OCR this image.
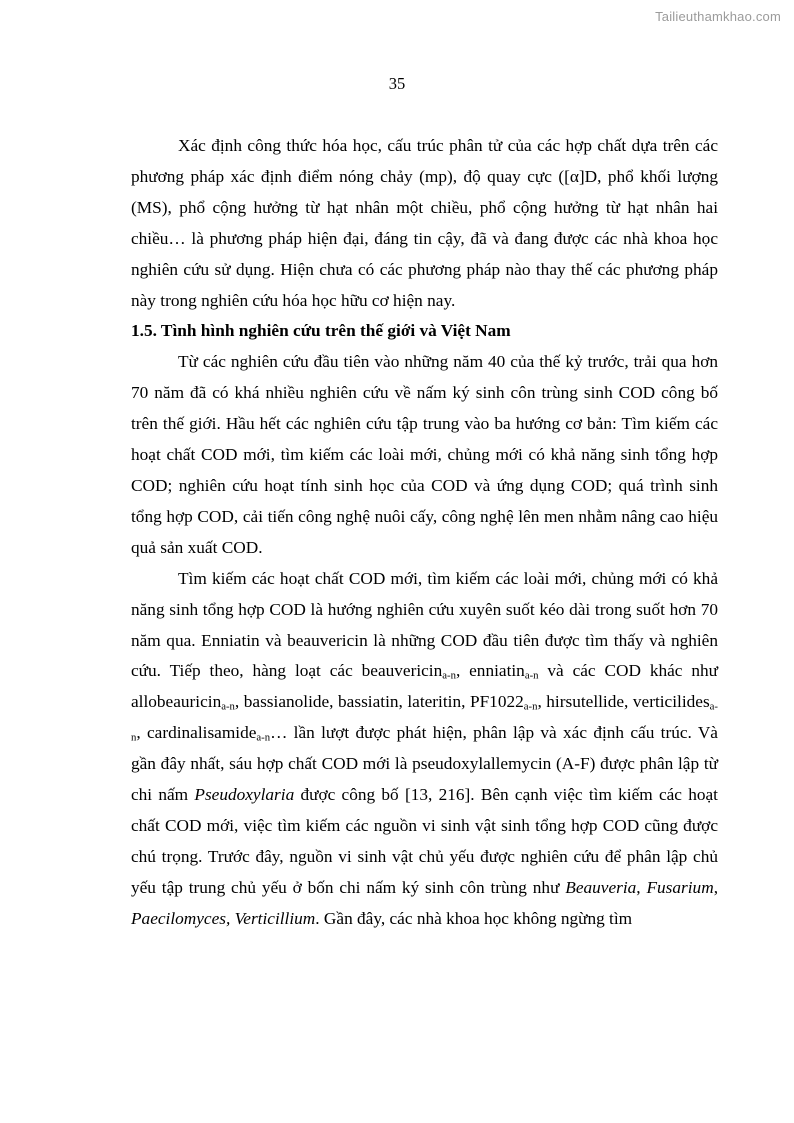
Tailieuthamkhao.com
35

Xác định công thức hóa học, cấu trúc phân tử của các hợp chất dựa trên các phương pháp xác định điểm nóng chảy (mp), độ quay cực ([α]D, phổ khối lượng (MS), phổ cộng hưởng từ hạt nhân một chiều, phổ cộng hưởng từ hạt nhân hai chiều… là phương pháp hiện đại, đáng tin cậy, đã và đang được các nhà khoa học nghiên cứu sử dụng. Hiện chưa có các phương pháp nào thay thế các phương pháp này trong nghiên cứu hóa học hữu cơ hiện nay.

1.5. Tình hình nghiên cứu trên thế giới và Việt Nam

Từ các nghiên cứu đầu tiên vào những năm 40 của thế kỷ trước, trải qua hơn 70 năm đã có khá nhiều nghiên cứu về nấm ký sinh côn trùng sinh COD công bố trên thế giới. Hầu hết các nghiên cứu tập trung vào ba hướng cơ bản: Tìm kiếm các hoạt chất COD mới, tìm kiếm các loài mới, chủng mới có khả năng sinh tổng hợp COD; nghiên cứu hoạt tính sinh học của COD và ứng dụng COD; quá trình sinh tổng hợp COD, cải tiến công nghệ nuôi cấy, công nghệ lên men nhằm nâng cao hiệu quả sản xuất COD.

Tìm kiếm các hoạt chất COD mới, tìm kiếm các loài mới, chủng mới có khả năng sinh tổng hợp COD là hướng nghiên cứu xuyên suốt kéo dài trong suốt hơn 70 năm qua. Enniatin và beauvericin là những COD đầu tiên được tìm thấy và nghiên cứu. Tiếp theo, hàng loạt các beauvericin$_{a-n}$, enniatin$_{a-n}$ và các COD khác như allobeauricin$_{a-n}$, bassianolide, bassiatin, lateritin, $PF1022_{a-n}$, hirsutellide, verticilides$_{a-n}$, cardinalisamide$_{a-n}$… lần lượt được phát hiện, phân lập và xác định cấu trúc. Và gần đây nhất, sáu hợp chất COD mới là pseudoxylallemycin (A-F) được phân lập từ chi nấm Pseudoxylaria được công bố [13, 216]. Bên cạnh việc tìm kiếm các hoạt chất COD mới, việc tìm kiếm các nguồn vi sinh vật sinh tổng hợp COD cũng được chú trọng. Trước đây, nguồn vi sinh vật chủ yếu được nghiên cứu để phân lập chủ yếu tập trung chủ yếu ở bốn chi nấm ký sinh côn trùng như Beauveria, Fusarium, Paecilomyces, Verticillium. Gần đây, các nhà khoa học không ngừng tìm
